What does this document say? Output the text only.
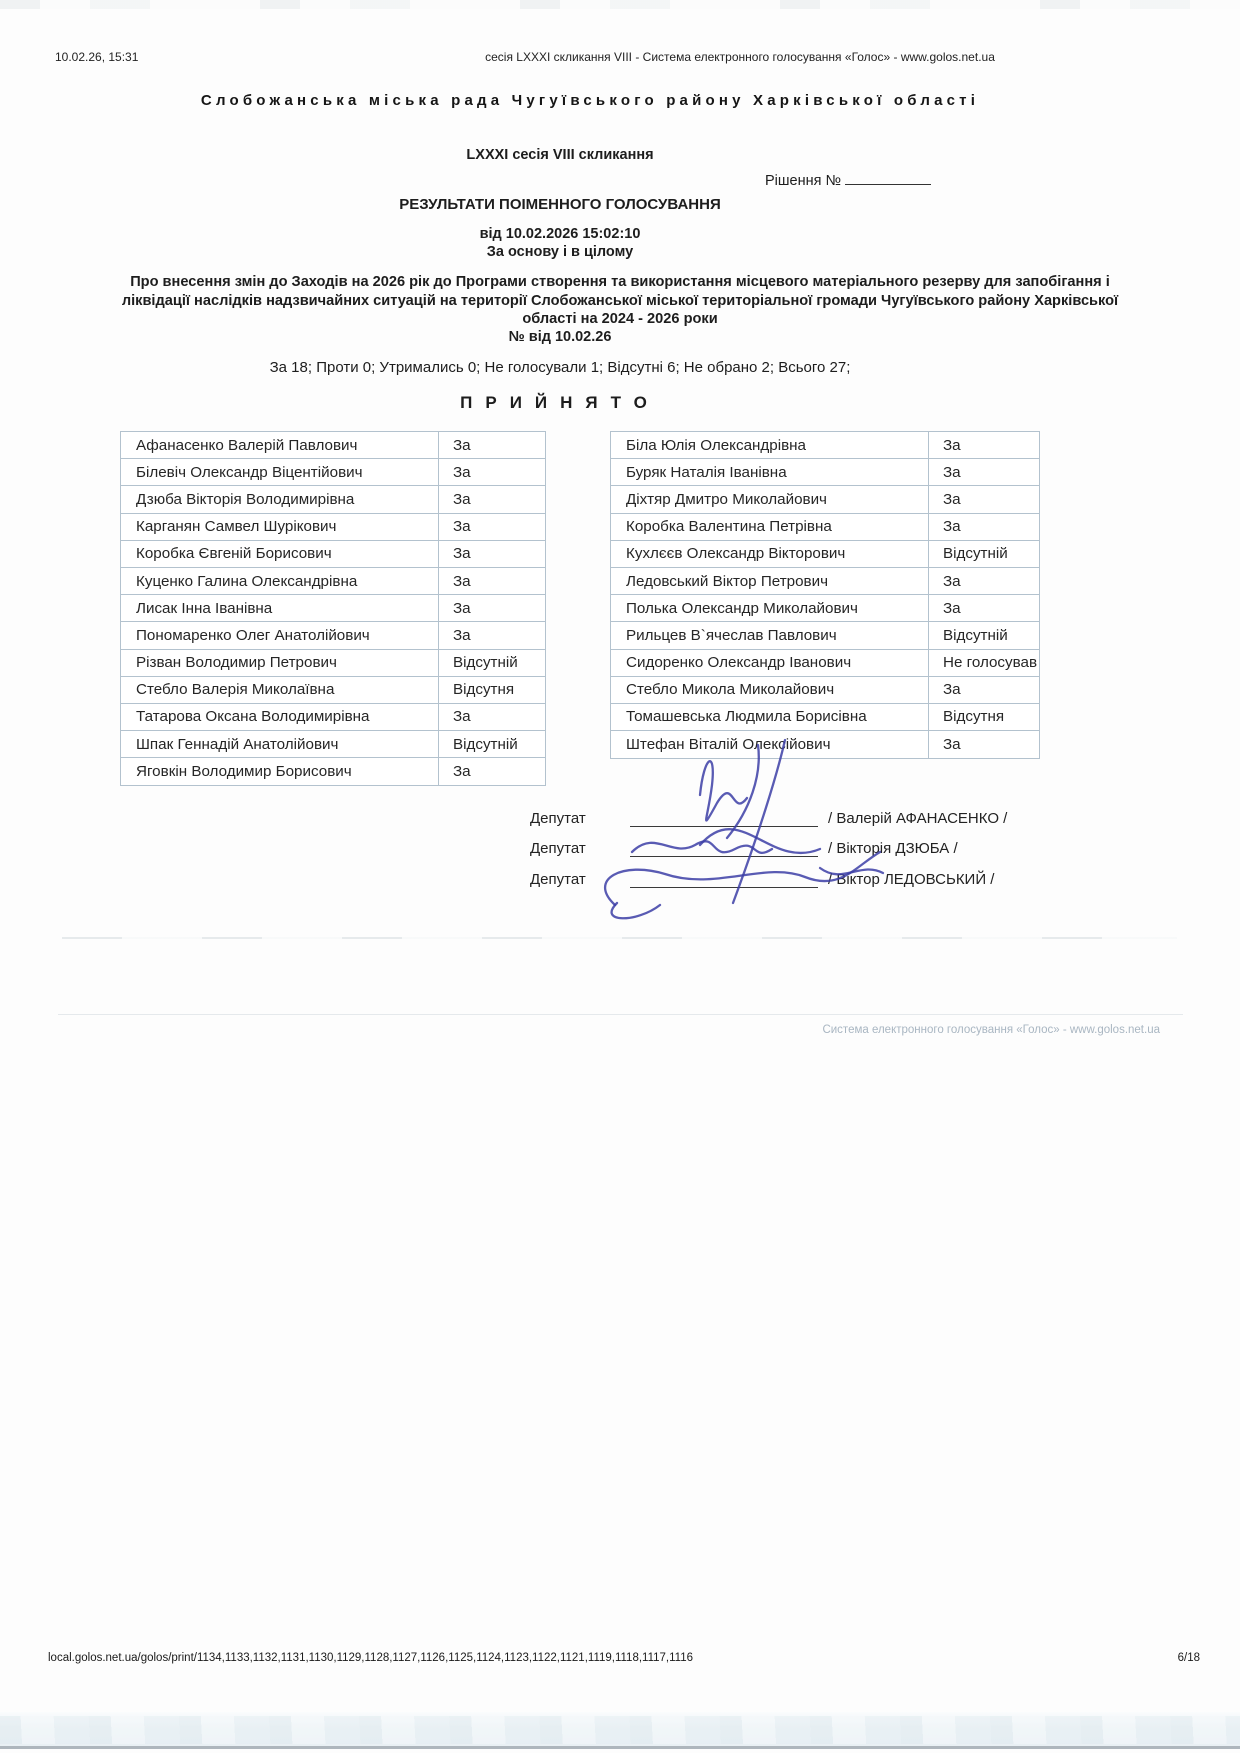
10.02.26, 15:31	сесія LXXXI скликання VIII - Система електронного голосування «Голос» - www.golos.net.ua
Слобожанська міська рада Чугуївського району Харківської області
LXXXI сесія VIII скликання
Рішення №
РЕЗУЛЬТАТИ ПОІМЕННОГО ГОЛОСУВАННЯ
від 10.02.2026 15:02:10
За основу і в цілому
Про внесення змін до Заходів на 2026 рік до Програми створення та використання місцевого матеріального резерву для запобігання і ліквідації наслідків надзвичайних ситуацій на території Слобожанської міської територіальної громади Чугуївського району Харківської області на 2024 - 2026 роки
№ від 10.02.26
За 18; Проти 0; Утримались 0; Не голосували 1; Відсутні 6; Не обрано 2; Всього 27;
ПРИЙНЯТО
Афанасенко Валерій Павлович	За
Білевіч Олександр Віцентійович	За
Дзюба Вікторія Володимирівна	За
Карганян Самвел Шурікович	За
Коробка Євгеній Борисович	За
Куценко Галина Олександрівна	За
Лисак Інна Іванівна	За
Пономаренко Олег Анатолійович	За
Різван Володимир Петрович	Відсутній
Стебло Валерія Миколаївна	Відсутня
Татарова Оксана Володимирівна	За
Шпак Геннадій Анатолійович	Відсутній
Яговкін Володимир Борисович	За
Біла Юлія Олександрівна	За
Буряк Наталія Іванівна	За
Діхтяр Дмитро Миколайович	За
Коробка Валентина Петрівна	За
Кухлєєв Олександр Вікторович	Відсутній
Ледовський Віктор Петрович	За
Полька Олександр Миколайович	За
Рильцев В`ячеслав Павлович	Відсутній
Сидоренко Олександр Іванович	Не голосував
Стебло Микола Миколайович	За
Томашевська Людмила Борисівна	Відсутня
Штефан Віталій Олексійович	За
Депутат	/ Валерій АФАНАСЕНКО /
Депутат	/ Вікторія ДЗЮБА /
Депутат	/ Віктор ЛЕДОВСЬКИЙ /
Система електронного голосування «Голос» - www.golos.net.ua
local.golos.net.ua/golos/print/1134,1133,1132,1131,1130,1129,1128,1127,1126,1125,1124,1123,1122,1121,1119,1118,1117,1116	6/18
